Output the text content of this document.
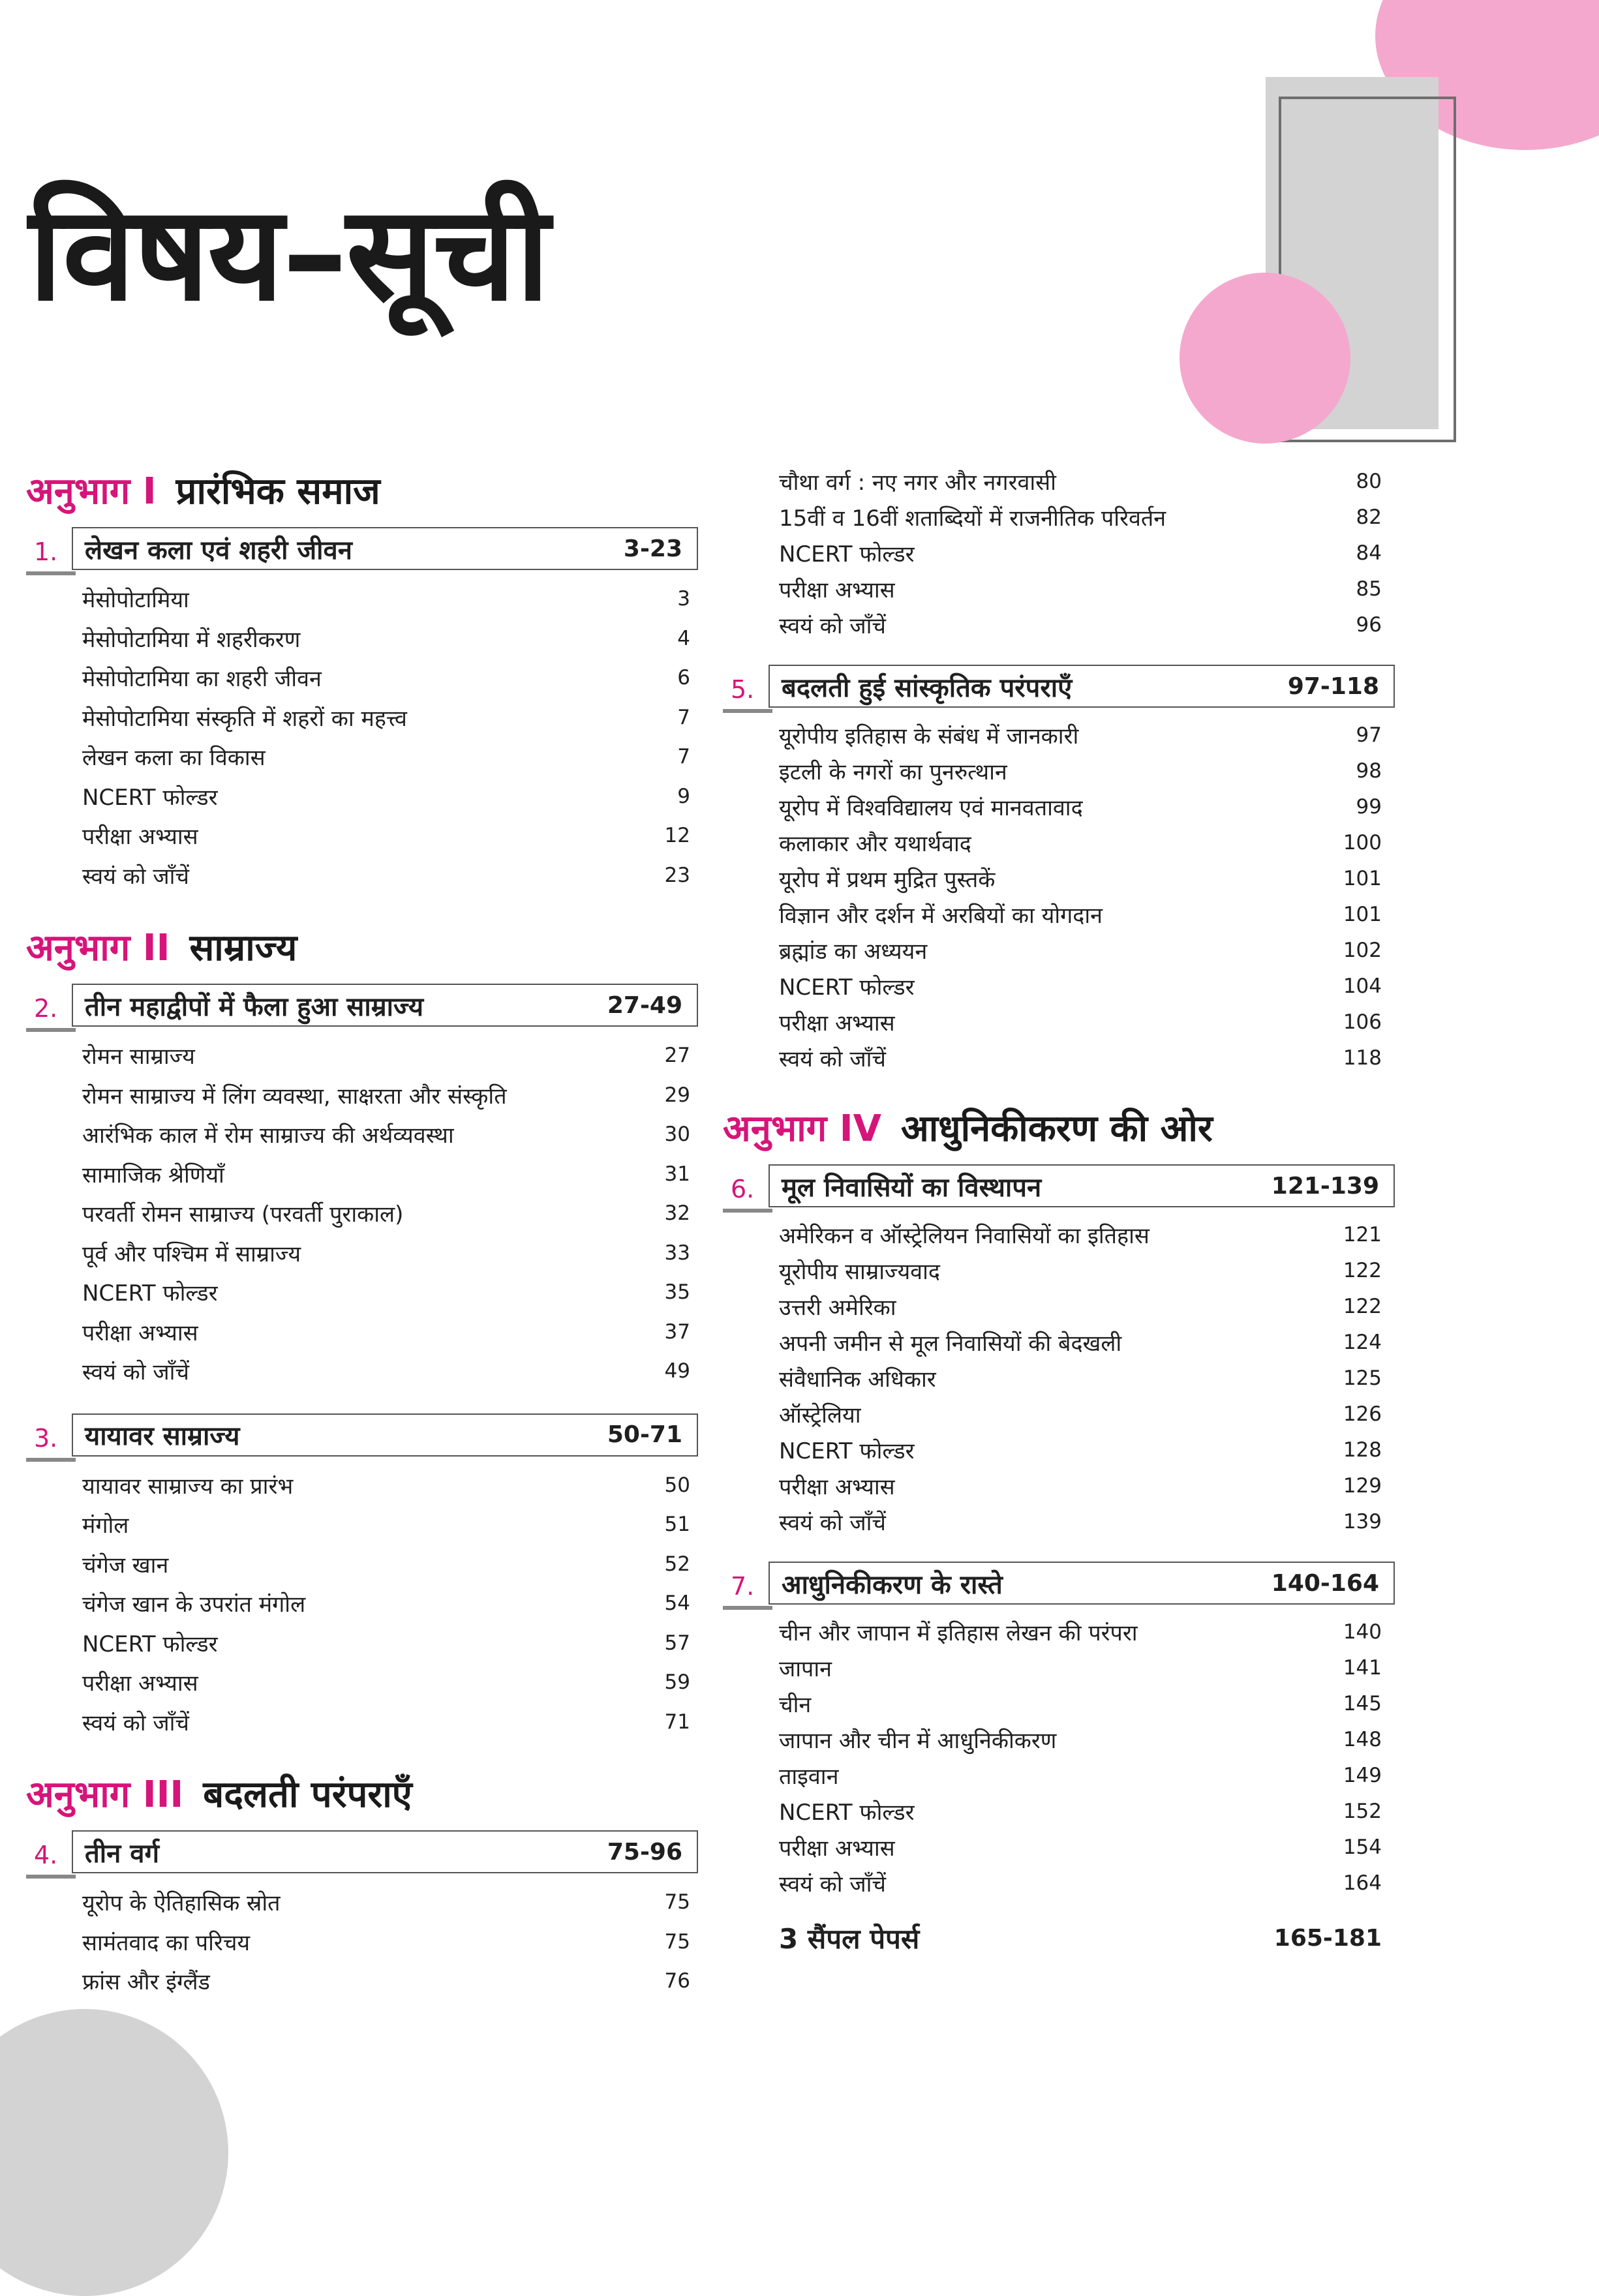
विषय–सूची
अनुभाग I प्रारंभिक समाज
1. लेखन कला एवं शहरी जीवन	3-23
मेसोपोटामिया	3
मेसोपोटामिया में शहरीकरण	4
मेसोपोटामिया का शहरी जीवन	6
मेसोपोटामिया संस्कृति में शहरों का महत्त्व	7
लेखन कला का विकास	7
NCERT फोल्डर	9
परीक्षा अभ्यास	12
स्वयं को जाँचें	23
अनुभाग II साम्राज्य
2. तीन महाद्वीपों में फैला हुआ साम्राज्य	27-49
रोमन साम्राज्य	27
रोमन साम्राज्य में लिंग व्यवस्था, साक्षरता और संस्कृति	29
आरंभिक काल में रोम साम्राज्य की अर्थव्यवस्था	30
सामाजिक श्रेणियाँ	31
परवर्ती रोमन साम्राज्य (परवर्ती पुराकाल)	32
पूर्व और पश्चिम में साम्राज्य	33
NCERT फोल्डर	35
परीक्षा अभ्यास	37
स्वयं को जाँचें	49
3. यायावर साम्राज्य	50-71
यायावर साम्राज्य का प्रारंभ	50
मंगोल	51
चंगेज खान	52
चंगेज खान के उपरांत मंगोल	54
NCERT फोल्डर	57
परीक्षा अभ्यास	59
स्वयं को जाँचें	71
अनुभाग III बदलती परंपराएँ
4. तीन वर्ग	75-96
यूरोप के ऐतिहासिक स्रोत	75
सामंतवाद का परिचय	75
फ्रांस और इंग्लैंड	76
चौथा वर्ग : नए नगर और नगरवासी	80
15वीं व 16वीं शताब्दियों में राजनीतिक परिवर्तन	82
NCERT फोल्डर	84
परीक्षा अभ्यास	85
स्वयं को जाँचें	96
5. बदलती हुई सांस्कृतिक परंपराएँ	97-118
यूरोपीय इतिहास के संबंध में जानकारी	97
इटली के नगरों का पुनरुत्थान	98
यूरोप में विश्वविद्यालय एवं मानवतावाद	99
कलाकार और यथार्थवाद	100
यूरोप में प्रथम मुद्रित पुस्तकें	101
विज्ञान और दर्शन में अरबियों का योगदान	101
ब्रह्मांड का अध्ययन	102
NCERT फोल्डर	104
परीक्षा अभ्यास	106
स्वयं को जाँचें	118
अनुभाग IV आधुनिकीकरण की ओर
6. मूल निवासियों का विस्थापन	121-139
अमेरिकन व ऑस्ट्रेलियन निवासियों का इतिहास	121
यूरोपीय साम्राज्यवाद	122
उत्तरी अमेरिका	122
अपनी जमीन से मूल निवासियों की बेदखली	124
संवैधानिक अधिकार	125
ऑस्ट्रेलिया	126
NCERT फोल्डर	128
परीक्षा अभ्यास	129
स्वयं को जाँचें	139
7. आधुनिकीकरण के रास्ते	140-164
चीन और जापान में इतिहास लेखन की परंपरा	140
जापान	141
चीन	145
जापान और चीन में आधुनिकीकरण	148
ताइवान	149
NCERT फोल्डर	152
परीक्षा अभ्यास	154
स्वयं को जाँचें	164
3 सैंपल पेपर्स	165-181
